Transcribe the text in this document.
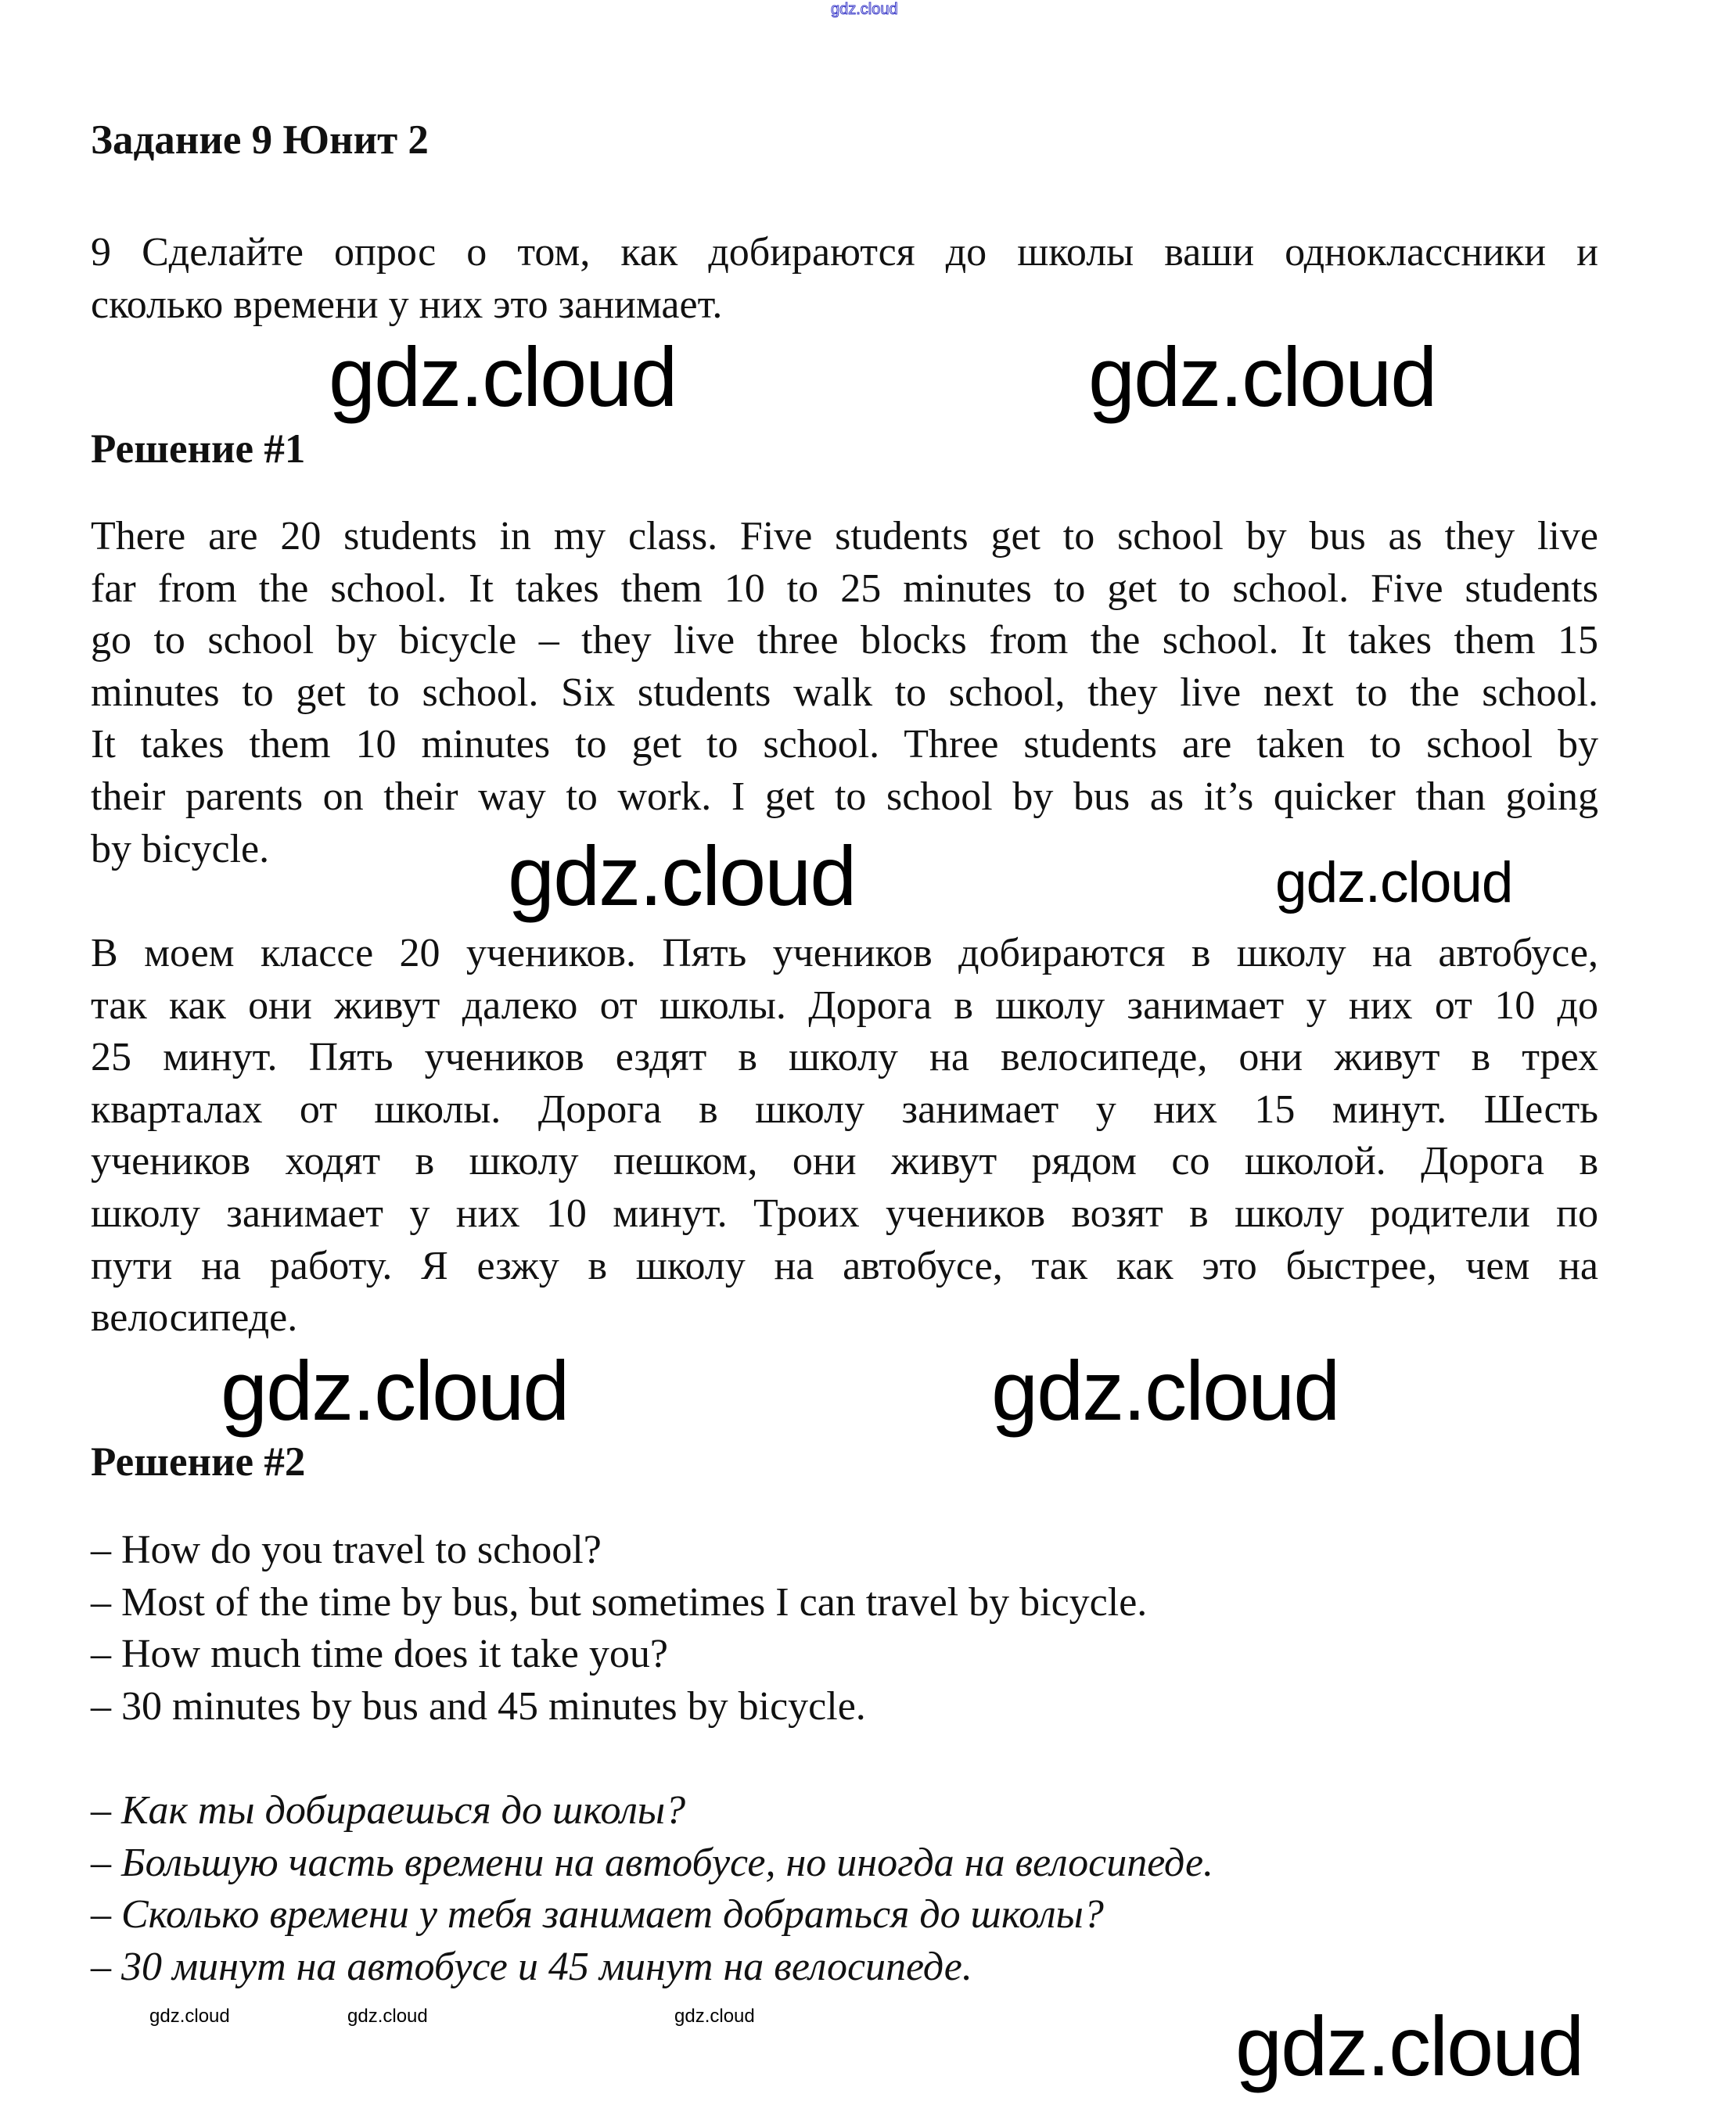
gdz.cloud
Задание 9 Юнит 2
9 Сделайте опрос о том, как добираются до школы ваши одноклассники и
сколько времени у них это занимает.
Решение #1
There are 20 students in my class. Five students get to school by bus as they live
far from the school. It takes them 10 to 25 minutes to get to school. Five students
go to school by bicycle – they live three blocks from the school. It takes them 15
minutes to get to school. Six students walk to school, they live next to the school.
It takes them 10 minutes to get to school. Three students are taken to school by
their parents on their way to work. I get to school by bus as it’s quicker than going
by bicycle.
В моем классе 20 учеников. Пять учеников добираются в школу на автобусе,
так как они живут далеко от школы. Дорога в школу занимает у них от 10 до
25 минут. Пять учеников ездят в школу на велосипеде, они живут в трех
кварталах от школы. Дорога в школу занимает у них 15 минут. Шесть
учеников ходят в школу пешком, они живут рядом со школой. Дорога в
школу занимает у них 10 минут. Троих учеников возят в школу родители по
пути на работу. Я езжу в школу на автобусе, так как это быстрее, чем на
велосипеде.
Решение #2
– How do you travel to school?
– Most of the time by bus, but sometimes I can travel by bicycle.
– How much time does it take you?
– 30 minutes by bus and 45 minutes by bicycle.
– Как ты добираешься до школы?
– Большую часть времени на автобусе, но иногда на велосипеде.
– Сколько времени у тебя занимает добраться до школы?
– 30 минут на автобусе и 45 минут на велосипеде.
gdz.cloud	gdz.cloud
gdz.cloud	gdz.cloud
gdz.cloud	gdz.cloud
gdz.cloud
gdz.cloud	gdz.cloud	gdz.cloud
